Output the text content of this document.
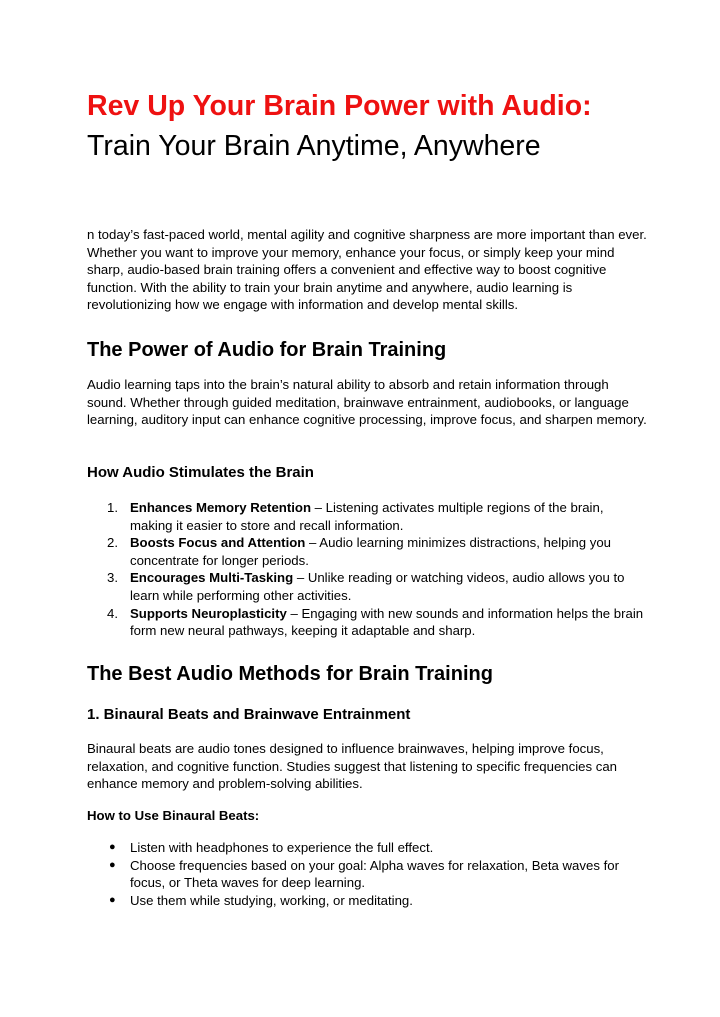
Rev Up Your Brain Power with Audio: Train Your Brain Anytime, Anywhere

n today’s fast-paced world, mental agility and cognitive sharpness are more important than ever. Whether you want to improve your memory, enhance your focus, or simply keep your mind sharp, audio-based brain training offers a convenient and effective way to boost cognitive function. With the ability to train your brain anytime and anywhere, audio learning is revolutionizing how we engage with information and develop mental skills.

The Power of Audio for Brain Training

Audio learning taps into the brain’s natural ability to absorb and retain information through sound. Whether through guided meditation, brainwave entrainment, audiobooks, or language learning, auditory input can enhance cognitive processing, improve focus, and sharpen memory.

How Audio Stimulates the Brain
1. Enhances Memory Retention – Listening activates multiple regions of the brain, making it easier to store and recall information.
2. Boosts Focus and Attention – Audio learning minimizes distractions, helping you concentrate for longer periods.
3. Encourages Multi-Tasking – Unlike reading or watching videos, audio allows you to learn while performing other activities.
4. Supports Neuroplasticity – Engaging with new sounds and information helps the brain form new neural pathways, keeping it adaptable and sharp.
The Best Audio Methods for Brain Training
1. Binaural Beats and Brainwave Entrainment

Binaural beats are audio tones designed to influence brainwaves, helping improve focus, relaxation, and cognitive function. Studies suggest that listening to specific frequencies can enhance memory and problem-solving abilities.

How to Use Binaural Beats:
● Listen with headphones to experience the full effect.
● Choose frequencies based on your goal: Alpha waves for relaxation, Beta waves for focus, or Theta waves for deep learning.
● Use them while studying, working, or meditating.
